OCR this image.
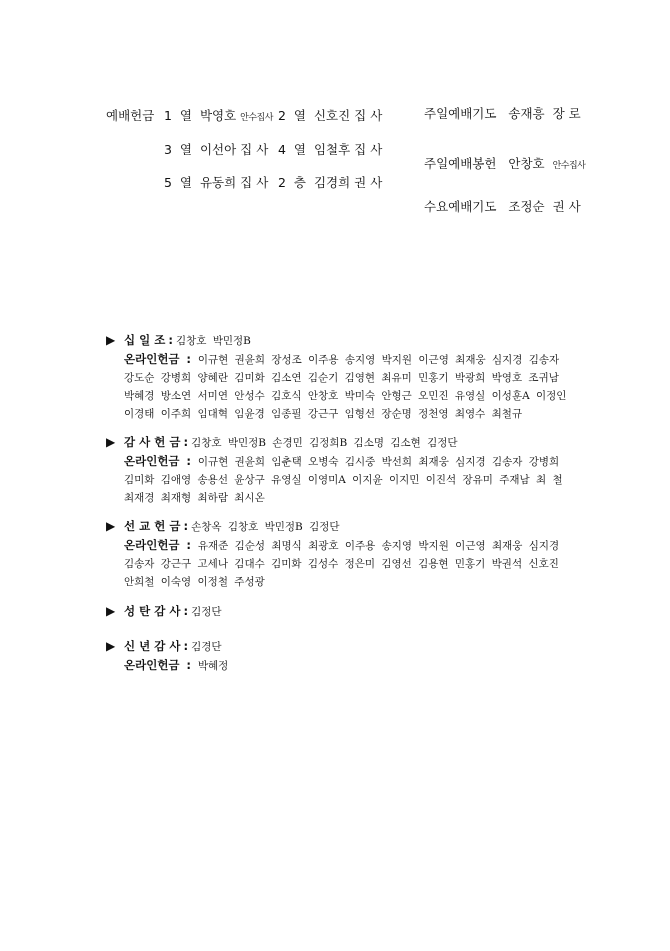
예배헌금 1 열 박영호 안수집사 2 열 신호진 집 사
3 열 이선아 집 사 4 열 임철후 집 사
5 열 유동희 집 사 2 층 김경희 권 사
주일예배기도 송재흥 장 로
주일예배봉헌 안창호 안수집사
수요예배기도 조정순 권 사
▶ 십 일 조 : 김창호 박민정B
온라인헌금 : 이규현 권윤희 장성조 이주용 송지영 박지원 이근영 최재웅 심지경 김송자
강도순 강병희 양혜란 김미화 김소연 김순기 김영현 최유미 민홍기 박광희 박영호 조귀남
박혜경 방소연 서미연 안성수 김호식 안창호 박미숙 안형근 오민진 유영실 이성훈A 이정인
이경태 이주희 임대혁 임윤경 임종필 강근구 임형선 장순명 정천영 최영수 최철규
▶ 감 사 헌 금 : 김창호 박민정B 손경민 김정희B 김소명 김소현 김정단
온라인헌금 : 이규현 권윤희 임춘택 오병숙 김시중 박선희 최재웅 심지경 김송자 강병희
김미화 김애영 송용선 윤상구 유영실 이영미A 이지윤 이지민 이진석 장유미 주재남 최 철
최재경 최재형 최하람 최시온
▶ 선 교 헌 금 : 손창옥 김창호 박민정B 김정단
온라인헌금 : 유재준 김순성 최명식 최광호 이주용 송지영 박지원 이근영 최재웅 심지경
김송자 강근구 고세나 김대수 김미화 김성수 정은미 김영선 김용현 민홍기 박권석 신호진
안희철 이숙영 이정철 주성광
▶ 성 탄 감 사 : 김정단
▶ 신 년 감 사 : 김경단
온라인헌금 : 박혜정
